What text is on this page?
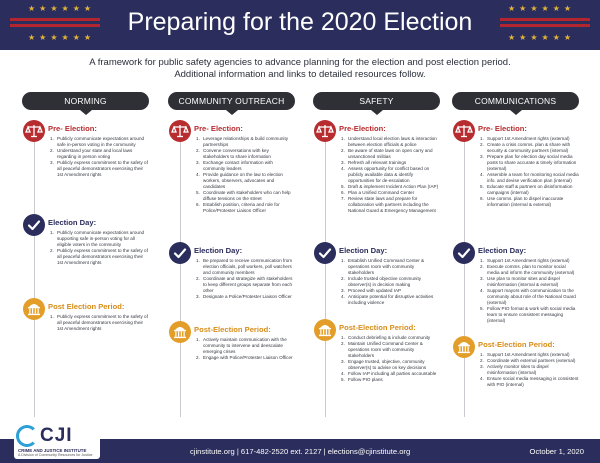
★★★★★★
★★★★★★
★★★★★★
★★★★★★
Preparing for the 2020 Election
A framework for public safety agencies to advance planning for the election and post election period.
Additional information and links to detailed resources follow.
NORMING
Pre- Election:
Publicly communicate expectations around safe in-person voting in the community
Understand your state and local laws regarding in person voting
Publicly express commitment to the safety of all peaceful demonstrators exercising their 1st Amendment rights
Election Day:
Publicly communicate expectations around supporting safe in-person voting for all eligible voters in the community
Publicly express commitment to the safety of all peaceful demonstrators exercising their 1st Amendment rights
Post Election Period:
Publicly express commitment to the safety of all peaceful demonstrators exercising their 1st Amendment rights
COMMUNITY OUTREACH
Pre- Election:
Leverage relationships & build community partnerships
Convene conversations with key stakeholders to share information
Exchange contact information with community leaders
Provide guidance on the law to election workers, observers, advocates and candidates
Coordinate with stakeholders who can help diffuse tensions on the street
Establish position, criteria and role for Police/Protester Liaison Officer
Election Day:
Be prepared to receive communication from election officials, poll workers, poll watchers and community members
Coordinate and strategize with stakeholders to keep different groups separate from each other
Designate a Police/Protester Liaison Officer
Post-Election Period:
Actively maintain communication with the community to intervene and deescalate emerging crises
Engage with Police/Protester Liaison Officer
SAFETY
Pre-Election:
Understand local election laws & interaction between election officials & police
Be aware of state laws on open carry and unsanctioned militias
Refresh all relevant trainings
Assess opportunity for conflict based on publicly available data & identify opportunities for de-escalation
Draft & implement Incident Action Plan (IAP)
Plan a Unified Command Center
Review state laws and prepare for collaboration with partners including the National Guard & Emergency Management
Election Day:
Establish Unified Command Center & operations room with community stakeholders
Include trusted objective community observer(s) in decision making
Proceed with updated IAP
Anticipate potential for disruptive activities including violence
Post-Election Period:
Conduct debriefing & include community
Maintain Unified Command Center & operations room with community stakeholders
Engage trusted, objective, community observer(s) to advise on key decisions
Follow IAP including all parties accountable
Follow PIO plans
COMMUNICATIONS
Pre- Election:
Support 1st Amendment rights (external)
Create a crisis comms. plan & share with security & community partners (internal)
Prepare plan for election day social media posts to share accurate & timely information (external)
Assemble a team for monitoring social media info. and devise verification plan (internal)
Educate staff & partners on disinformation campaigns (internal)
Use comms. plan to dispel inaccurate information (internal & external)
Election Day:
Support 1st Amendment rights (external)
Execute comms. plan to monitor social media and inform the community (external)
Use plan to monitor sites and dispel misinformation (internal & external)
Support mayors with communication to the community about role of the National Guard (external)
Follow PIO format & work with social media team to ensure consistent messaging (internal)
Post-Election Period:
Support 1st Amendment rights (external)
Coordinate with external partners (external)
Actively monitor sites to dispel misinformation (internal)
Ensure social media messaging is consistent with PIO (internal)
cjinstitute.org | 617-482-2520 ext. 2127 | elections@cjinstitute.org	October 1, 2020
CJI
CRIME AND JUSTICE INSTITUTE
A Division of Community Resources for Justice
